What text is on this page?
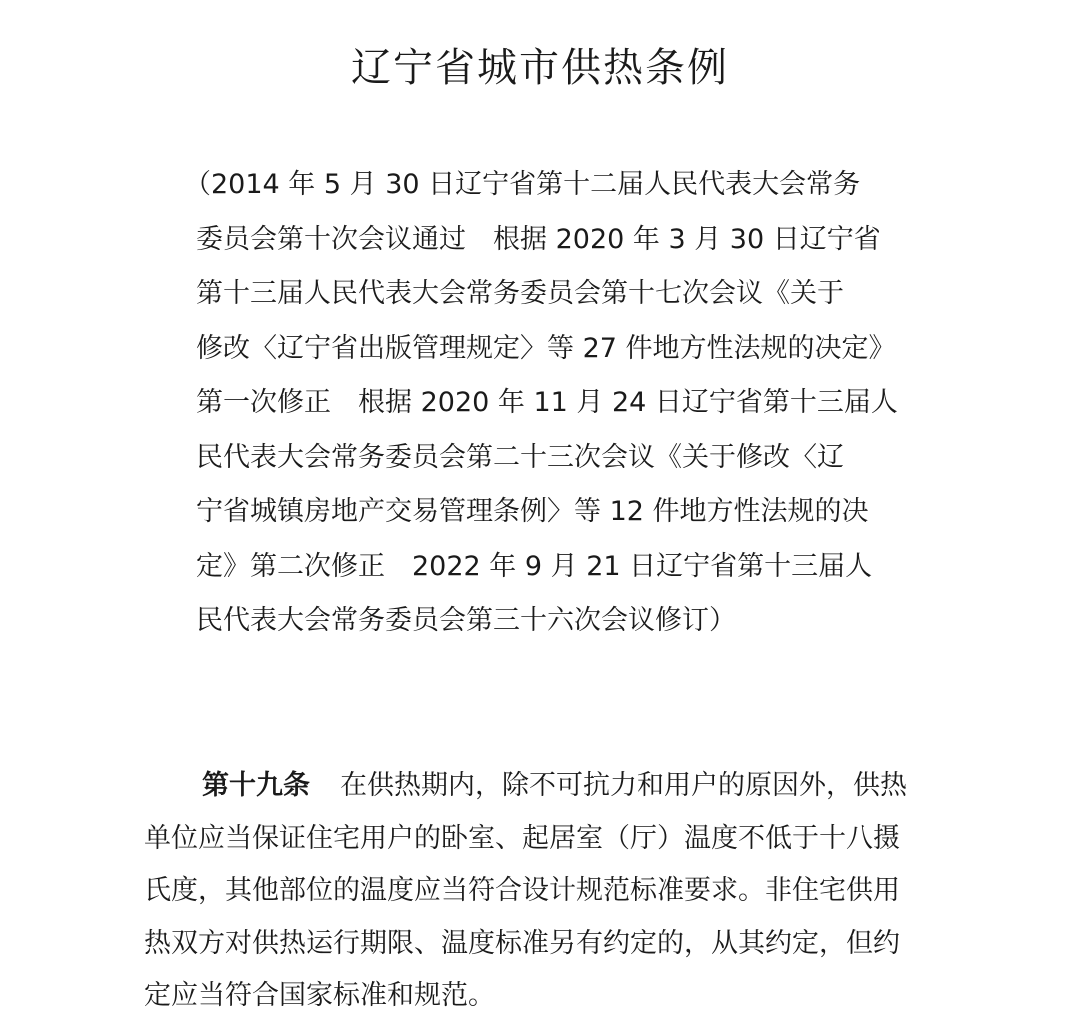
辽宁省城市供热条例
（2014 年 5 月 30 日辽宁省第十二届人民代表大会常务
委员会第十次会议通过　根据 2020 年 3 月 30 日辽宁省
第十三届人民代表大会常务委员会第十七次会议《关于
修改〈辽宁省出版管理规定〉等 27 件地方性法规的决定》
第一次修正　根据 2020 年 11 月 24 日辽宁省第十三届人
民代表大会常务委员会第二十三次会议《关于修改〈辽
宁省城镇房地产交易管理条例〉等 12 件地方性法规的决
定》第二次修正　2022 年 9 月 21 日辽宁省第十三届人
民代表大会常务委员会第三十六次会议修订）
第十九条 在供热期内，除不可抗力和用户的原因外，供热
单位应当保证住宅用户的卧室、起居室（厅）温度不低于十八摄
氏度，其他部位的温度应当符合设计规范标准要求。非住宅供用
热双方对供热运行期限、温度标准另有约定的，从其约定，但约
定应当符合国家标准和规范。
